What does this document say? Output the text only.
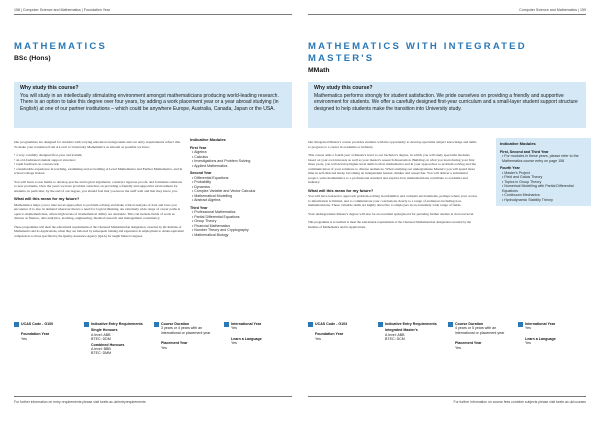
158 | Computer Science and Mathematics | Foundation Year
MATHEMATICS
BSc (Hons)
Why study this course?
You will study in an intellectually stimulating environment amongst mathematicians producing world-leading research. There is an option to take this degree over four years, by adding a work placement year or a year abroad studying (in English) at one of our partner institutions – which could be anywhere Europe, Australia, Canada, Japan or the USA.

Our programmes are designed for students with varying education backgrounds and our entry requirements reflect this. To make your transition from A Level to University Mathematics as smooth as possible we have:

• a very carefully designed first-year curriculum;
• an old-fashioned student support structure;
• rapid feedback on coursework;

• considerable experience in teaching, examining and accrediting A Level Mathematics and Further Mathematics, and in school/college liaison.

You will learn to use maths to develop precise and logical arguments, construct rigorous proofs, and formulate solutions to new problems. Over the years we have provided ourselves on providing a friendly and supportive environment for students, in particular, by the end of our degree, you should feel that you know the staff well and that they know you.

What will this mean for my future?

Mathematics helps you to take novel approaches to problem-solving and make critical analysis of data and laws you encounter. It is also in demand wherever there's a need for logical thinking. An extremely wide range of career paths is open to mathematicians, where high levels of mathematical ability are desirable. This can include fields of work as diverse as finance, data analytics, teaching, engineering, medical research and management consultancy.

These programmes will meet the educational requirements of the Chartered Mathematician designation, awarded by the Institute of Mathematics and its Applications, when they are followed by subsequent training and experience in employment to obtain equivalent competences to those specified by the Quality Assurance Agency (QAA) for taught Master's degrees.

Indicative Modules
First Year
• Algebra
• Calculus
• Investigations and Problem Solving
• Applied Mathematics
Second Year
• Differential Equations
• Probability
• Dynamics
• Complex Variable and Vector Calculus
• Mathematical Modelling
• Abstract Algebra
Third Year
• Professional Mathematics
• Partial Differential Equations
• Group Theory
• Financial Mathematics
• Number Theory and Cryptography
• Mathematical Biology
UCAS Code - G100
Foundation Year
Yes
Indicative Entry Requirements
Single Honours
A level: ABB
BTEC: DDM
Combined Honours
A level: BBB
BTEC: DMM
Course Duration
3 years or 4 years with an international or placement year
Placement Year
Yes
International Year
Yes
Learn a Language
Yes
For further information on entry requirements please visit keele.ac.uk/entryrequirements
Computer Science and Mathematics | 159
MATHEMATICS WITH INTEGRATED
MASTER'S
MMath
Why study this course?
Mathematics performs strongly for student satisfaction. We pride ourselves on providing a friendly and supportive environment for students. We offer a carefully designed first-year curriculum and a small-layer student support structure designed to help students make the transition into University study.

Our Integrated Master's course provides students with the opportunity to develop specialist subject knowledge and skills to progress to a career in academia or industry.

This course adds a fourth year at Master's level to our bachelor's degree, in which you will study specialist modules based on your own interests as well as your master's research dissertation. Building on what you learn during your first three years, you will develop higher-level skills both in mathematics and in your approaches to problem-solving and the communication of your solutions to diverse audiences. When studying our undergraduate Master's you will spend more time in self-directed study, becoming an independent learner, thinker and researcher. You will deliver a substantial project, write mathematics to a professional standard and explore how mathematicians contribute to academia and industry.

What will this mean for my future?

You will have learned to approach problem-solving in unfamiliar and complex environments, perhaps where your access to information is limited, and to communicate your conclusions clearly to a range of audiences including non-mathematicians. These valuable skills are highly attractive to employers in an extremely wide range of fields.

Your undergraduate Master's degree will also be an excellent springboard for pursuing further studies at doctoral level.

This programme is accredited to meet the educational requirements of the Chartered Mathematician designation awarded by the Institute of Mathematics and its Applications.

Indicative Modules
First, Second and Third Year
• For modules in these years, please refer to the Mathematics course entry on page 158
Fourth Year
• Master's Project
• Field and Galois Theory
• Topics in Group Theory
• Numerical Modelling with Partial Differential Equations
• Continuum Mechanics
• Hydrodynamic Stability Theory
UCAS Code - G103
Foundation Year
Yes
Indicative Entry Requirements
Integrated Master's
A level: ABB
BTEC: DCM
Course Duration
4 years or 5 years with an international or placement year
Placement Year
Yes
International Year
Yes
Learn a Language
Yes
For further information on course fees combine subjects please visit keele.ac.uk/courses
